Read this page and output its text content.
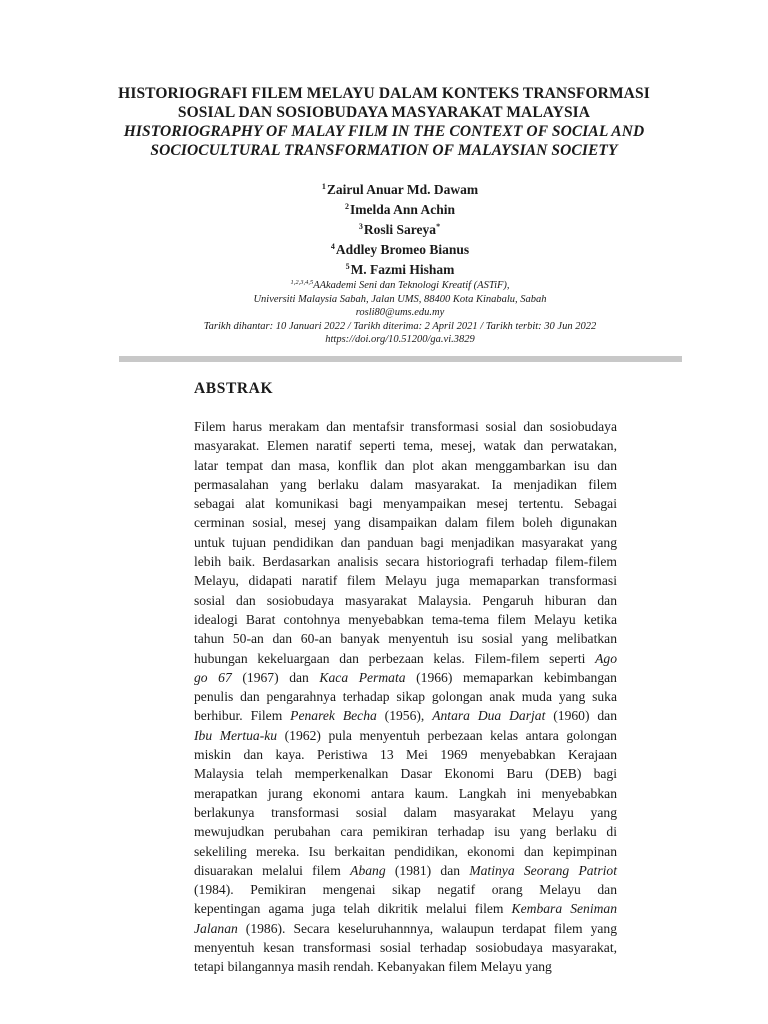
HISTORIOGRAFI FILEM MELAYU DALAM KONTEKS TRANSFORMASI
SOSIAL DAN SOSIOBUDAYA MASYARAKAT MALAYSIA
HISTORIOGRAPHY OF MALAY FILM IN THE CONTEXT OF SOCIAL AND
SOCIOCULTURAL TRANSFORMATION OF MALAYSIAN SOCIETY
$^1$Zairul Anuar Md. Dawam
$^2$Imelda Ann Achin
$^3$Rosli Sareya*
$^4$Addley Bromeo Bianus
$^5$M. Fazmi Hisham
$^{1,2,3,4,5}$AAkademi Seni dan Teknologi Kreatif (ASTiF),
Universiti Malaysia Sabah, Jalan UMS, 88400 Kota Kinabalu, Sabah
rosli80@ums.edu.my
Tarikh dihantar: 10 Januari 2022 / Tarikh diterima: 2 April 2021 / Tarikh terbit: 30 Jun 2022
https://doi.org/10.51200/ga.vi.3829
ABSTRAK
Filem harus merakam dan mentafsir transformasi sosial dan sosiobudaya
masyarakat. Elemen naratif seperti tema, mesej, watak dan perwatakan,
latar tempat dan masa, konflik dan plot akan menggambarkan isu dan
permasalahan yang berlaku dalam masyarakat. Ia menjadikan filem
sebagai alat komunikasi bagi menyampaikan mesej tertentu. Sebagai
cerminan sosial, mesej yang disampaikan dalam filem boleh digunakan
untuk tujuan pendidikan dan panduan bagi menjadikan masyarakat yang
lebih baik. Berdasarkan analisis secara historiografi terhadap filem-filem
Melayu, didapati naratif filem Melayu juga memaparkan transformasi
sosial dan sosiobudaya masyarakat Malaysia. Pengaruh hiburan dan
idealogi Barat contohnya menyebabkan tema-tema filem Melayu ketika
tahun 50-an dan 60-an banyak menyentuh isu sosial yang melibatkan
hubungan kekeluargaan dan perbezaan kelas. Filem-filem seperti Ago
go 67 (1967) dan Kaca Permata (1966) memaparkan kebimbangan
penulis dan pengarahnya terhadap sikap golongan anak muda yang suka
berhibur. Filem Penarek Becha (1956), Antara Dua Darjat (1960) dan
Ibu Mertua-ku (1962) pula menyentuh perbezaan kelas antara golongan
miskin dan kaya. Peristiwa 13 Mei 1969 menyebabkan Kerajaan
Malaysia telah memperkenalkan Dasar Ekonomi Baru (DEB) bagi
merapatkan jurang ekonomi antara kaum. Langkah ini menyebabkan
berlakunya transformasi sosial dalam masyarakat Melayu yang
mewujudkan perubahan cara pemikiran terhadap isu yang berlaku di
sekeliling mereka. Isu berkaitan pendidikan, ekonomi dan kepimpinan
disuarakan melalui filem Abang (1981) dan Matinya Seorang Patriot
(1984). Pemikiran mengenai sikap negatif orang Melayu dan
kepentingan agama juga telah dikritik melalui filem Kembara Seniman
Jalanan (1986). Secara keseluruhannnya, walaupun terdapat filem yang
menyentuh kesan transformasi sosial terhadap sosiobudaya masyarakat,
tetapi bilangannya masih rendah. Kebanyakan filem Melayu yang
